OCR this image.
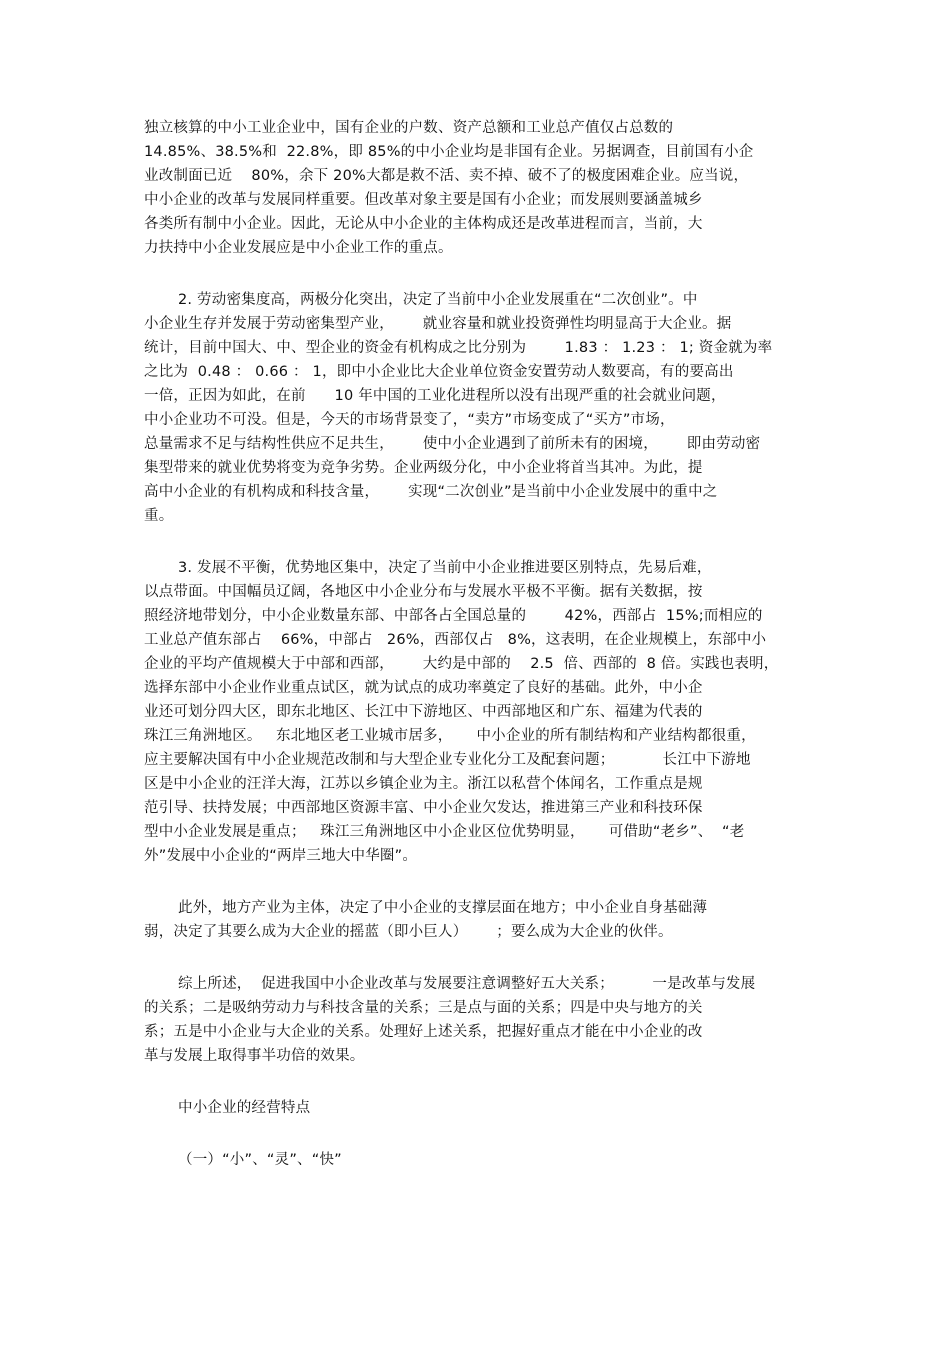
独立核算的中小工业企业中，国有企业的户数、资产总额和工业总产值仅占总数的
14.85%、38.5%和  22.8%，即 85%的中小企业均是非国有企业。另据调查，目前国有小企
业改制面已近    80%，余下 20%大都是救不活、卖不掉、破不了的极度困难企业。应当说，
中小企业的改革与发展同样重要。但改革对象主要是国有小企业；而发展则要涵盖城乡
各类所有制中小企业。因此，无论从中小企业的主体构成还是改革进程而言，当前，大
力扶持中小企业发展应是中小企业工作的重点。
2. 劳动密集度高，两极分化突出，决定了当前中小企业发展重在“二次创业”。中
小企业生存并发展于劳动密集型产业，      就业容量和就业投资弹性均明显高于大企业。据
统计，目前中国大、中、型企业的资金有机构成之比分别为        1.83 ： 1.23 ： 1; 资金就为率
之比为  0.48 ： 0.66 ： 1，即中小企业比大企业单位资金安置劳动人数要高，有的要高出
一倍，正因为如此，在前      10 年中国的工业化进程所以没有出现严重的社会就业问题，
中小企业功不可没。但是，今天的市场背景变了，“卖方”市场变成了“买方”市场，
总量需求不足与结构性供应不足共生，      使中小企业遇到了前所未有的困境，      即由劳动密
集型带来的就业优势将变为竞争劣势。企业两级分化，中小企业将首当其冲。为此，提
高中小企业的有机构成和科技含量，      实现“二次创业”是当前中小企业发展中的重中之
重。
3. 发展不平衡，优势地区集中，决定了当前中小企业推进要区别特点，先易后难，
以点带面。中国幅员辽阔，各地区中小企业分布与发展水平极不平衡。据有关数据，按
照经济地带划分，中小企业数量东部、中部各占全国总量的        42%，西部占  15%;而相应的
工业总产值东部占    66%，中部占   26%，西部仅占   8%，这表明，在企业规模上，东部中小
企业的平均产值规模大于中部和西部，      大约是中部的    2.5  倍、西部的  8 倍。实践也表明，
选择东部中小企业作业重点试区，就为试点的成功率奠定了良好的基础。此外，中小企
业还可划分四大区，即东北地区、长江中下游地区、中西部地区和广东、福建为代表的
珠江三角洲地区。   东北地区老工业城市居多，     中小企业的所有制结构和产业结构都很重，
应主要解决国有中小企业规范改制和与大型企业专业化分工及配套问题；          长江中下游地
区是中小企业的汪洋大海，江苏以乡镇企业为主。浙江以私营个体闻名，工作重点是规
范引导、扶持发展；中西部地区资源丰富、中小企业欠发达，推进第三产业和科技环保
型中小企业发展是重点；   珠江三角洲地区中小企业区位优势明显，     可借助“老乡”、  “老
外”发展中小企业的“两岸三地大中华圈”。
此外，地方产业为主体，决定了中小企业的支撑层面在地方；中小企业自身基础薄
弱，决定了其要么成为大企业的摇蓝（即小巨人）      ；要么成为大企业的伙伴。
综上所述，  促进我国中小企业改革与发展要注意调整好五大关系；        一是改革与发展
的关系；二是吸纳劳动力与科技含量的关系；三是点与面的关系；四是中央与地方的关
系；五是中小企业与大企业的关系。处理好上述关系，把握好重点才能在中小企业的改
革与发展上取得事半功倍的效果。
中小企业的经营特点
（一）“小”、“灵”、“快”
